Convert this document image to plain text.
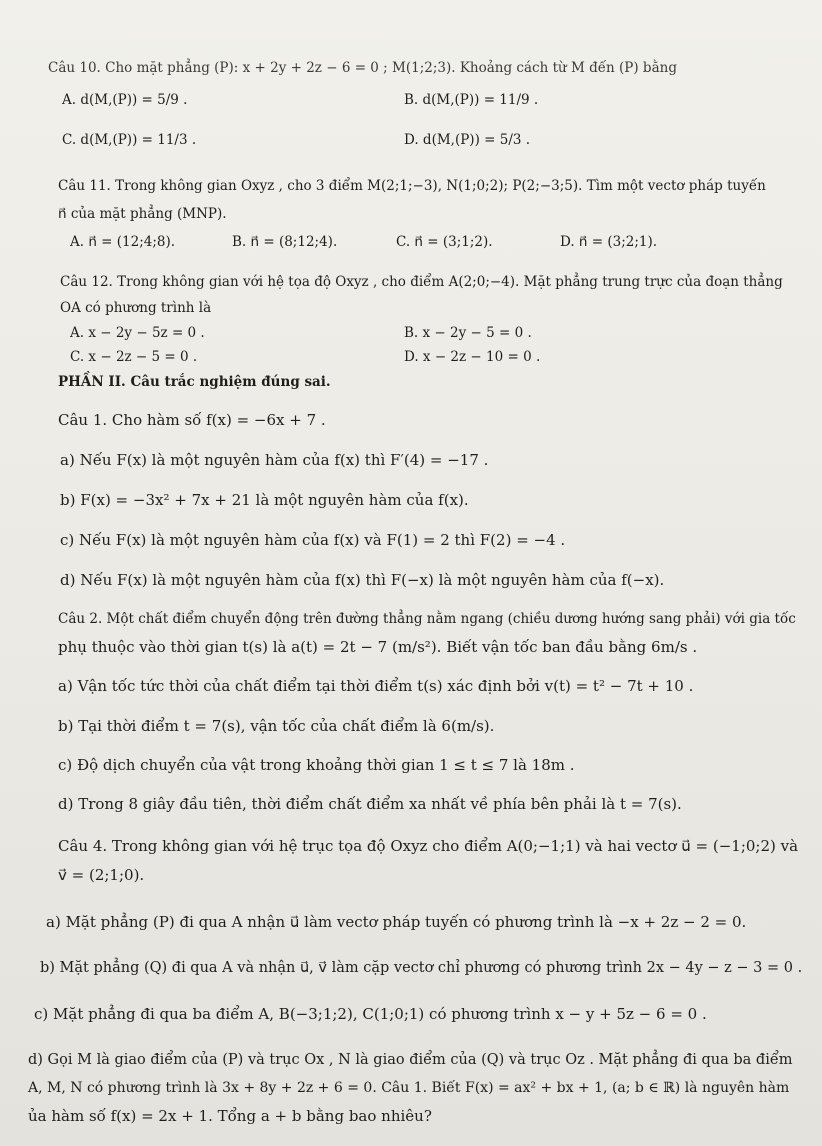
Câu 10. Cho mặt phẳng (P): x + 2y + 2z − 6 = 0 ; M(1;2;3). Khoảng cách từ M đến (P) bằng
A. d(M,(P)) = 5/9 .	B. d(M,(P)) = 11/9 .
C. d(M,(P)) = 11/3 .	D. d(M,(P)) = 5/3 .
Câu 11. Trong không gian Oxyz , cho 3 điểm M(2;1;−3), N(1;0;2); P(2;−3;5). Tìm một vectơ pháp tuyến
n⃗ của mặt phẳng (MNP).
A. n⃗ = (12;4;8).	B. n⃗ = (8;12;4).	C. n⃗ = (3;1;2).	D. n⃗ = (3;2;1).
Câu 12. Trong không gian với hệ tọa độ Oxyz , cho điểm A(2;0;−4). Mặt phẳng trung trực của đoạn thẳng
OA có phương trình là
A. x − 2y − 5z = 0 .	B. x − 2y − 5 = 0 .
C. x − 2z − 5 = 0 .	D. x − 2z − 10 = 0 .
PHẦN II. Câu trắc nghiệm đúng sai.
Câu 1. Cho hàm số f(x) = −6x + 7 .
a) Nếu F(x) là một nguyên hàm của f(x) thì F′(4) = −17 .
b) F(x) = −3x² + 7x + 21 là một nguyên hàm của f(x).
c) Nếu F(x) là một nguyên hàm của f(x) và F(1) = 2 thì F(2) = −4 .
d) Nếu F(x) là một nguyên hàm của f(x) thì F(−x) là một nguyên hàm của f(−x).
Câu 2. Một chất điểm chuyển động trên đường thẳng nằm ngang (chiều dương hướng sang phải) với gia tốc
phụ thuộc vào thời gian t(s) là a(t) = 2t − 7 (m/s²). Biết vận tốc ban đầu bằng 6m/s .
a) Vận tốc tức thời của chất điểm tại thời điểm t(s) xác định bởi v(t) = t² − 7t + 10 .
b) Tại thời điểm t = 7(s), vận tốc của chất điểm là 6(m/s).
c) Độ dịch chuyển của vật trong khoảng thời gian 1 ≤ t ≤ 7 là 18m .
d) Trong 8 giây đầu tiên, thời điểm chất điểm xa nhất về phía bên phải là t = 7(s).
Câu 4. Trong không gian với hệ trục tọa độ Oxyz cho điểm A(0;−1;1) và hai vectơ u⃗ = (−1;0;2) và
v⃗ = (2;1;0).
a) Mặt phẳng (P) đi qua A nhận u⃗ làm vectơ pháp tuyến có phương trình là −x + 2z − 2 = 0.
b) Mặt phẳng (Q) đi qua A và nhận u⃗, v⃗ làm cặp vectơ chỉ phương có phương trình 2x − 4y − z − 3 = 0 .
c) Mặt phẳng đi qua ba điểm A, B(−3;1;2), C(1;0;1) có phương trình x − y + 5z − 6 = 0 .
d) Gọi M là giao điểm của (P) và trục Ox , N là giao điểm của (Q) và trục Oz . Mặt phẳng đi qua ba điểm
A, M, N có phương trình là 3x + 8y + 2z + 6 = 0. Câu 1. Biết F(x) = ax² + bx + 1, (a; b ∈ ℝ) là nguyên hàm
ủa hàm số f(x) = 2x + 1. Tổng a + b bằng bao nhiêu?
